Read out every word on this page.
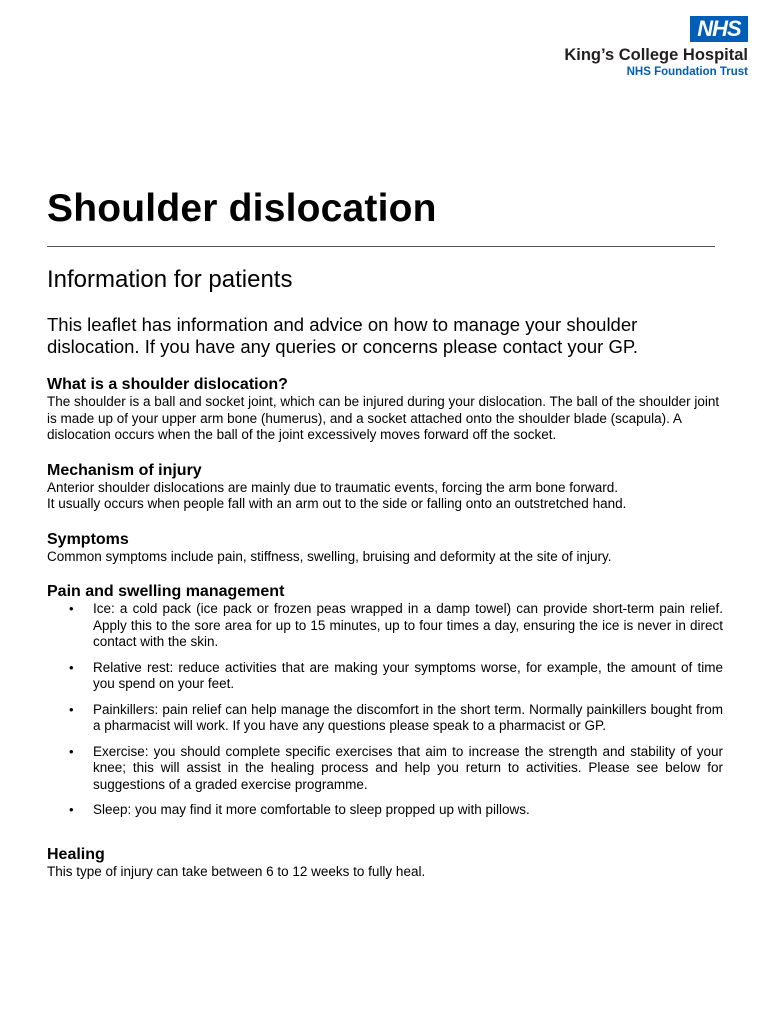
NHS
King’s College Hospital
NHS Foundation Trust
Shoulder dislocation
Information for patients

This leaflet has information and advice on how to manage your shoulder dislocation. If you have any queries or concerns please contact your GP.

What is a shoulder dislocation?

The shoulder is a ball and socket joint, which can be injured during your dislocation. The ball of the shoulder joint is made up of your upper arm bone (humerus), and a socket attached onto the shoulder blade (scapula). A dislocation occurs when the ball of the joint excessively moves forward off the socket.

Mechanism of injury

Anterior shoulder dislocations are mainly due to traumatic events, forcing the arm bone forward.

It usually occurs when people fall with an arm out to the side or falling onto an outstretched hand.

Symptoms

Common symptoms include pain, stiffness, swelling, bruising and deformity at the site of injury.

Pain and swelling management
• Ice: a cold pack (ice pack or frozen peas wrapped in a damp towel) can provide short-term pain relief. Apply this to the sore area for up to 15 minutes, up to four times a day, ensuring the ice is never in direct contact with the skin.
• Relative rest: reduce activities that are making your symptoms worse, for example, the amount of time you spend on your feet.
• Painkillers: pain relief can help manage the discomfort in the short term. Normally painkillers bought from a pharmacist will work. If you have any questions please speak to a pharmacist or GP.
• Exercise: you should complete specific exercises that aim to increase the strength and stability of your knee; this will assist in the healing process and help you return to activities. Please see below for suggestions of a graded exercise programme.
• Sleep: you may find it more comfortable to sleep propped up with pillows.
Healing

This type of injury can take between 6 to 12 weeks to fully heal.
